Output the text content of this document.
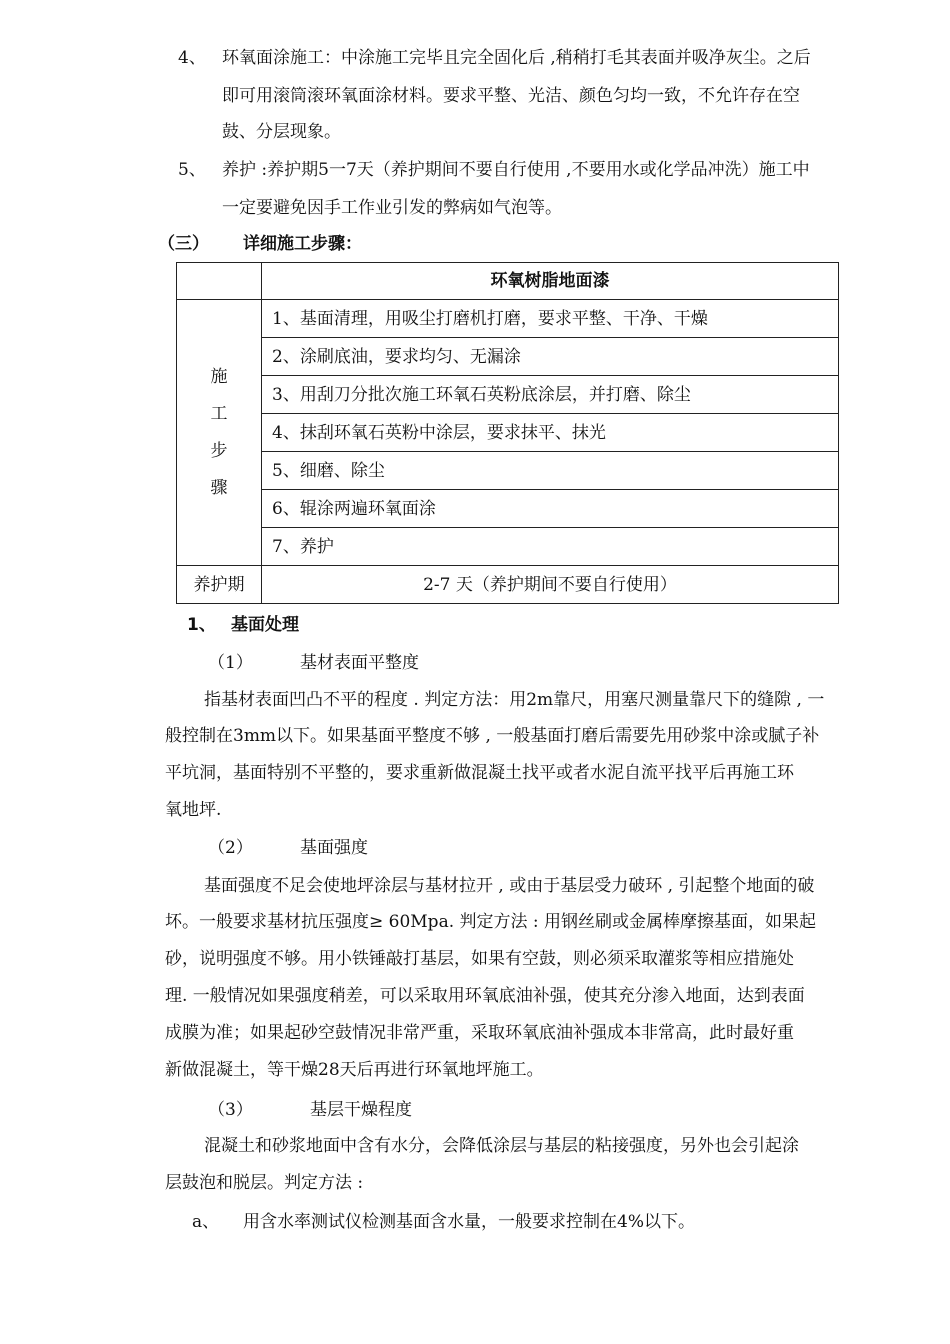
4、 环氧面涂施工：中涂施工完毕且完全固化后 ,稍稍打毛其表面并吸净灰尘。之后
即可用滚筒滚环氧面涂材料。要求平整、光洁、颜色匀均一致，不允许存在空
鼓、分层现象。
5、 养护 :养护期5一7天（养护期间不要自行使用 ,不要用水或化学品冲洗）施工中
一定要避免因手工作业引发的弊病如气泡等。
（三） 详细施工步骤：
	环氧树脂地面漆

施
工
步
骤	1、基面清理，用吸尘打磨机打磨，要求平整、干净、干燥
	2、涂刷底油，要求均匀、无漏涂
	3、用刮刀分批次施工环氧石英粉底涂层，并打磨、除尘
	4、抹刮环氧石英粉中涂层，要求抹平、抹光
	5、细磨、除尘
	6、辊涂两遍环氧面涂
	7、养护
养护期	2-7 天（养护期间不要自行使用）
1、 基面处理
（1）	基材表面平整度
指基材表面凹凸不平的程度 . 判定方法：用2m靠尺，用塞尺测量靠尺下的缝隙 , 一
般控制在3mm以下。如果基面平整度不够 , 一般基面打磨后需要先用砂浆中涂或腻子补
平坑洞，基面特别不平整的，要求重新做混凝土找平或者水泥自流平找平后再施工环
氧地坪.
（2）	基面强度
基面强度不足会使地坪涂层与基材拉开 , 或由于基层受力破环 , 引起整个地面的破
坏。一般要求基材抗压强度≥ 60Mpa. 判定方法 : 用钢丝刷或金属棒摩擦基面，如果起
砂，说明强度不够。用小铁锤敲打基层，如果有空鼓，则必须采取灌浆等相应措施处
理. 一般情况如果强度稍差，可以采取用环氧底油补强，使其充分渗入地面，达到表面
成膜为准；如果起砂空鼓情况非常严重，采取环氧底油补强成本非常高，此时最好重
新做混凝土，等干燥28天后再进行环氧地坪施工。
（3）	基层干燥程度
混凝土和砂浆地面中含有水分，会降低涂层与基层的粘接强度，另外也会引起涂
层鼓泡和脱层。判定方法 :
a、 用含水率测试仪检测基面含水量，一般要求控制在4%以下。
